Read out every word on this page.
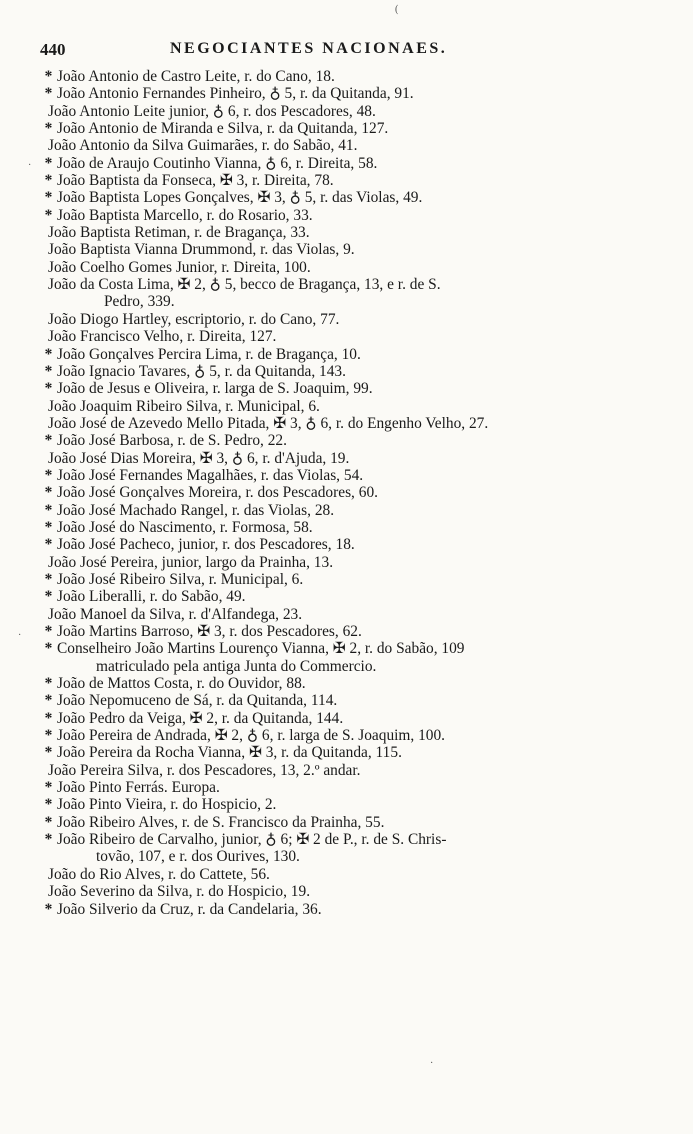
440	NEGOCIANTES NACIONAES.
* João Antonio de Castro Leite, r. do Cano, 18.
* João Antonio Fernandes Pinheiro, ♁ 5, r. da Quitanda, 91.
João Antonio Leite junior, ♁ 6, r. dos Pescadores, 48.
* João Antonio de Miranda e Silva, r. da Quitanda, 127.
João Antonio da Silva Guimarães, r. do Sabão, 41.
* João de Araujo Coutinho Vianna, ♁ 6, r. Direita, 58.
* João Baptista da Fonseca, ✠ 3, r. Direita, 78.
* João Baptista Lopes Gonçalves, ✠ 3, ♁ 5, r. das Violas, 49.
* João Baptista Marcello, r. do Rosario, 33.
João Baptista Retiman, r. de Bragança, 33.
João Baptista Vianna Drummond, r. das Violas, 9.
João Coelho Gomes Junior, r. Direita, 100.
João da Costa Lima, ✠ 2, ♁ 5, becco de Bragança, 13, e r. de S.
Pedro, 339.
João Diogo Hartley, escriptorio, r. do Cano, 77.
João Francisco Velho, r. Direita, 127.
* João Gonçalves Percira Lima, r. de Bragança, 10.
* João Ignacio Tavares, ♁ 5, r. da Quitanda, 143.
* João de Jesus e Oliveira, r. larga de S. Joaquim, 99.
João Joaquim Ribeiro Silva, r. Municipal, 6.
João José de Azevedo Mello Pitada, ✠ 3, ♁ 6, r. do Engenho Velho, 27.
* João José Barbosa, r. de S. Pedro, 22.
João José Dias Moreira, ✠ 3, ♁ 6, r. d'Ajuda, 19.
* João José Fernandes Magalhães, r. das Violas, 54.
* João José Gonçalves Moreira, r. dos Pescadores, 60.
* João José Machado Rangel, r. das Violas, 28.
* João José do Nascimento, r. Formosa, 58.
* João José Pacheco, junior, r. dos Pescadores, 18.
João José Pereira, junior, largo da Prainha, 13.
* João José Ribeiro Silva, r. Municipal, 6.
* João Liberalli, r. do Sabão, 49.
João Manoel da Silva, r. d'Alfandega, 23.
* João Martins Barroso, ✠ 3, r. dos Pescadores, 62.
* Conselheiro João Martins Lourenço Vianna, ✠ 2, r. do Sabão, 109
matriculado pela antiga Junta do Commercio.
* João de Mattos Costa, r. do Ouvidor, 88.
* João Nepomuceno de Sá, r. da Quitanda, 114.
* João Pedro da Veiga, ✠ 2, r. da Quitanda, 144.
* João Pereira de Andrada, ✠ 2, ♁ 6, r. larga de S. Joaquim, 100.
* João Pereira da Rocha Vianna, ✠ 3, r. da Quitanda, 115.
João Pereira Silva, r. dos Pescadores, 13, 2.º andar.
* João Pinto Ferrás. Europa.
* João Pinto Vieira, r. do Hospicio, 2.
* João Ribeiro Alves, r. de S. Francisco da Prainha, 55.
* João Ribeiro de Carvalho, junior, ♁ 6; ✠ 2 de P., r. de S. Chris-
tovão, 107, e r. dos Ourives, 130.
João do Rio Alves, r. do Cattete, 56.
João Severino da Silva, r. do Hospicio, 19.
* João Silverio da Cruz, r. da Candelaria, 36.
(
·
·
·
